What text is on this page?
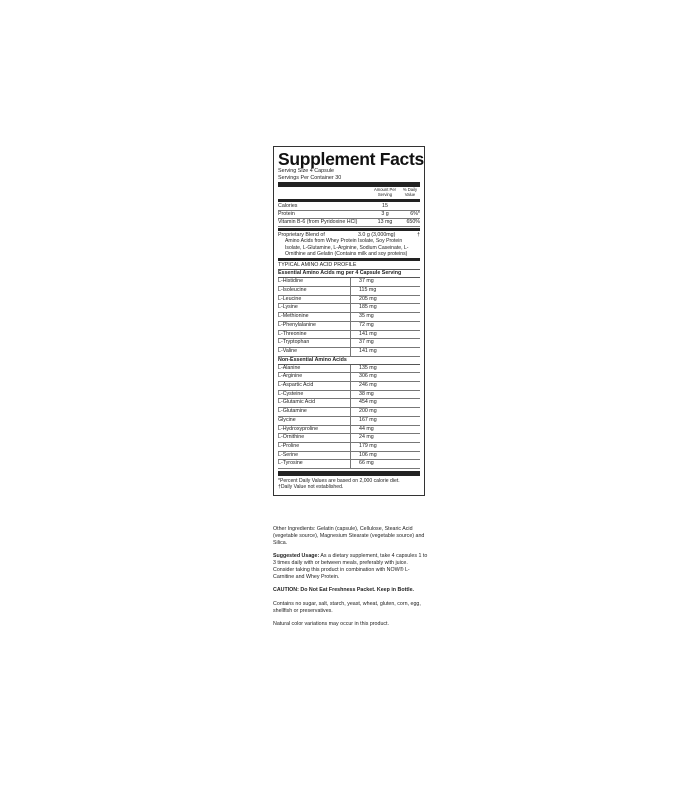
Supplement Facts
Serving Size 4 Capsule
Servings Per Container 30
Amount Per Serving
% Daily Value
Calories	15
Protein	3 g	6%*
Vitamin B-6 (from Pyridoxine HCl)	13 mg	650%
Proprietary Blend of	3.0 g (3,000mg)	†
Amino Acids from Whey Protein Isolate, Soy Protein Isolate, L-Glutamine, L-Arginine, Sodium Caseinate, L-Ornithine and Gelatin (Contains milk and soy proteins)
TYPICAL AMINO ACID PROFILE
Essential Amino Acids mg per 4 Capsule Serving
L-Histidine	37 mg
L-Isoleucine	115 mg
L-Leucine	205 mg
L-Lysine	185 mg
L-Methionine	35 mg
L-Phenylalanine	72 mg
L-Threonine	141 mg
L-Tryptophan	37 mg
L-Valine	141 mg
Non-Essential Amino Acids
L-Alanine	135 mg
L-Arginine	306 mg
L-Aspartic Acid	246 mg
L-Cysteine	38 mg
L-Glutamic Acid	454 mg
L-Glutamine	200 mg
Glycine	167 mg
L-Hydroxyproline	44 mg
L-Ornithine	24 mg
L-Proline	179 mg
L-Serine	106 mg
L-Tyrosine	66 mg
*Percent Daily Values are based on 2,000 calorie diet.
†Daily Value not established.

Other Ingredients: Gelatin (capsule), Cellulose, Stearic Acid (vegetable source), Magnesium Stearate (vegetable source) and Silica.

Suggested Usage: As a dietary supplement, take 4 capsules 1 to 3 times daily with or between meals, preferably with juice. Consider taking this product in combination with NOW® L-Carnitine and Whey Protein.

CAUTION: Do Not Eat Freshness Packet. Keep in Bottle.

Contains no sugar, salt, starch, yeast, wheat, gluten, corn, egg, shellfish or preservatives.

Natural color variations may occur in this product.
